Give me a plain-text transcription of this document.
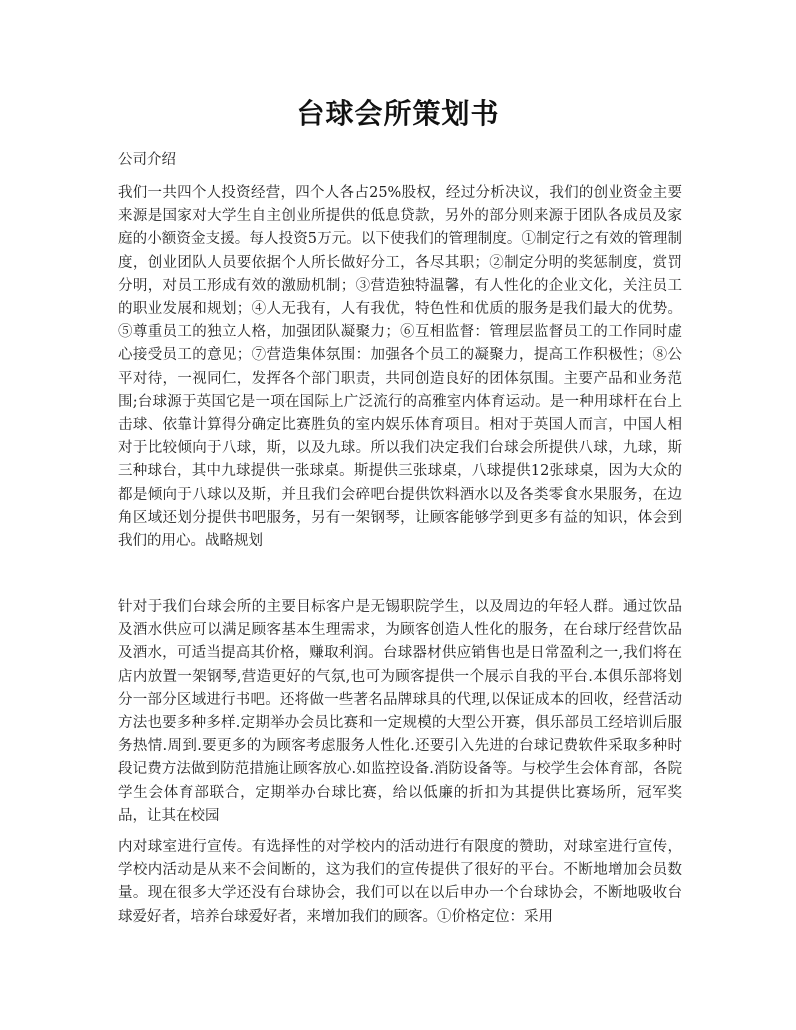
台球会所策划书
公司介绍
我们一共四个人投资经营，四个人各占25%股权，经过分析决议，我们的创业资金主要来源是国家对大学生自主创业所提供的低息贷款，另外的部分则来源于团队各成员及家庭的小额资金支援。每人投资5万元。以下使我们的管理制度。①制定行之有效的管理制度，创业团队人员要依据个人所长做好分工，各尽其职；②制定分明的奖惩制度，赏罚分明，对员工形成有效的激励机制；③营造独特温馨，有人性化的企业文化，关注员工的职业发展和规划；④人无我有，人有我优，特色性和优质的服务是我们最大的优势。⑤尊重员工的独立人格，加强团队凝聚力；⑥互相监督：管理层监督员工的工作同时虚心接受员工的意见；⑦营造集体氛围：加强各个员工的凝聚力，提高工作积极性；⑧公平对待，一视同仁，发挥各个部门职责，共同创造良好的团体氛围。主要产品和业务范围;台球源于英国它是一项在国际上广泛流行的高雅室内体育运动。是一种用球杆在台上击球、依靠计算得分确定比赛胜负的室内娱乐体育项目。相对于英国人而言，中国人相对于比较倾向于八球，斯，以及九球。所以我们决定我们台球会所提供八球，九球，斯三种球台，其中九球提供一张球桌。斯提供三张球桌，八球提供12张球桌，因为大众的都是倾向于八球以及斯，并且我们会碎吧台提供饮料酒水以及各类零食水果服务，在边角区域还划分提供书吧服务，另有一架钢琴，让顾客能够学到更多有益的知识，体会到我们的用心。战略规划
针对于我们台球会所的主要目标客户是无锡职院学生，以及周边的年轻人群。通过饮品及酒水供应可以满足顾客基本生理需求，为顾客创造人性化的服务，在台球厅经营饮品及酒水，可适当提高其价格，赚取利润。台球器材供应销售也是日常盈利之一,我们将在店内放置一架钢琴,营造更好的气氛,也可为顾客提供一个展示自我的平台.本俱乐部将划分一部分区域进行书吧。还将做一些著名品牌球具的代理,以保证成本的回收，经营活动方法也要多种多样.定期举办会员比赛和一定规模的大型公开赛，俱乐部员工经培训后服务热情.周到.要更多的为顾客考虑服务人性化.还要引入先进的台球记费软件采取多种时段记费方法做到防范措施让顾客放心.如监控设备.消防设备等。与校学生会体育部，各院学生会体育部联合，定期举办台球比赛，给以低廉的折扣为其提供比赛场所，冠军奖品，让其在校园
内对球室进行宣传。有选择性的对学校内的活动进行有限度的赞助，对球室进行宣传，学校内活动是从来不会间断的，这为我们的宣传提供了很好的平台。不断地增加会员数量。现在很多大学还没有台球协会，我们可以在以后申办一个台球协会，不断地吸收台球爱好者，培养台球爱好者，来增加我们的顾客。①价格定位：采用
